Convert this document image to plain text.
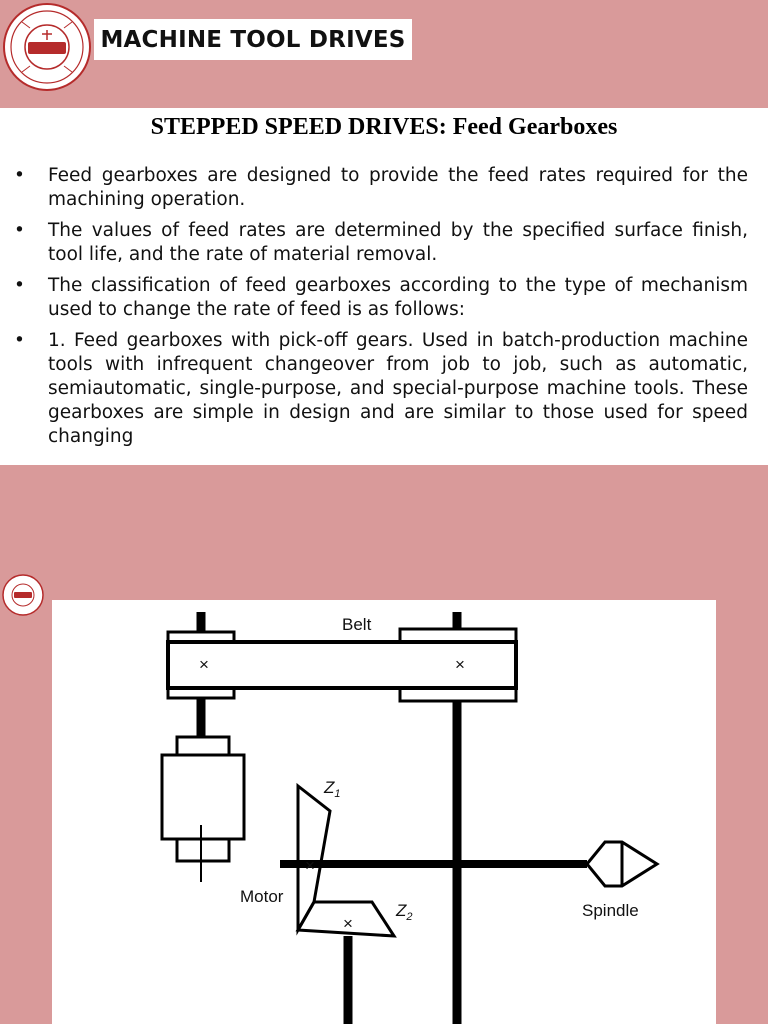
MACHINE TOOL DRIVES
STEPPED SPEED DRIVES: Feed Gearboxes
• Feed gearboxes are designed to provide the feed rates required for the machining operation.
• The values of feed rates are determined by the specified surface finish, tool life, and the rate of material removal.
• The classification of feed gearboxes according to the type of mechanism used to change the rate of feed is as follows:
• 1. Feed gearboxes with pick-off gears. Used in batch-production machine tools with infrequent changeover from job to job, such as automatic, semiautomatic, single-purpose, and special-purpose machine tools. These gearboxes are simple in design and are similar to those used for speed changing
×	×
×
×
Belt
Motor
Spindle
$Z_1$
$Z_2$
